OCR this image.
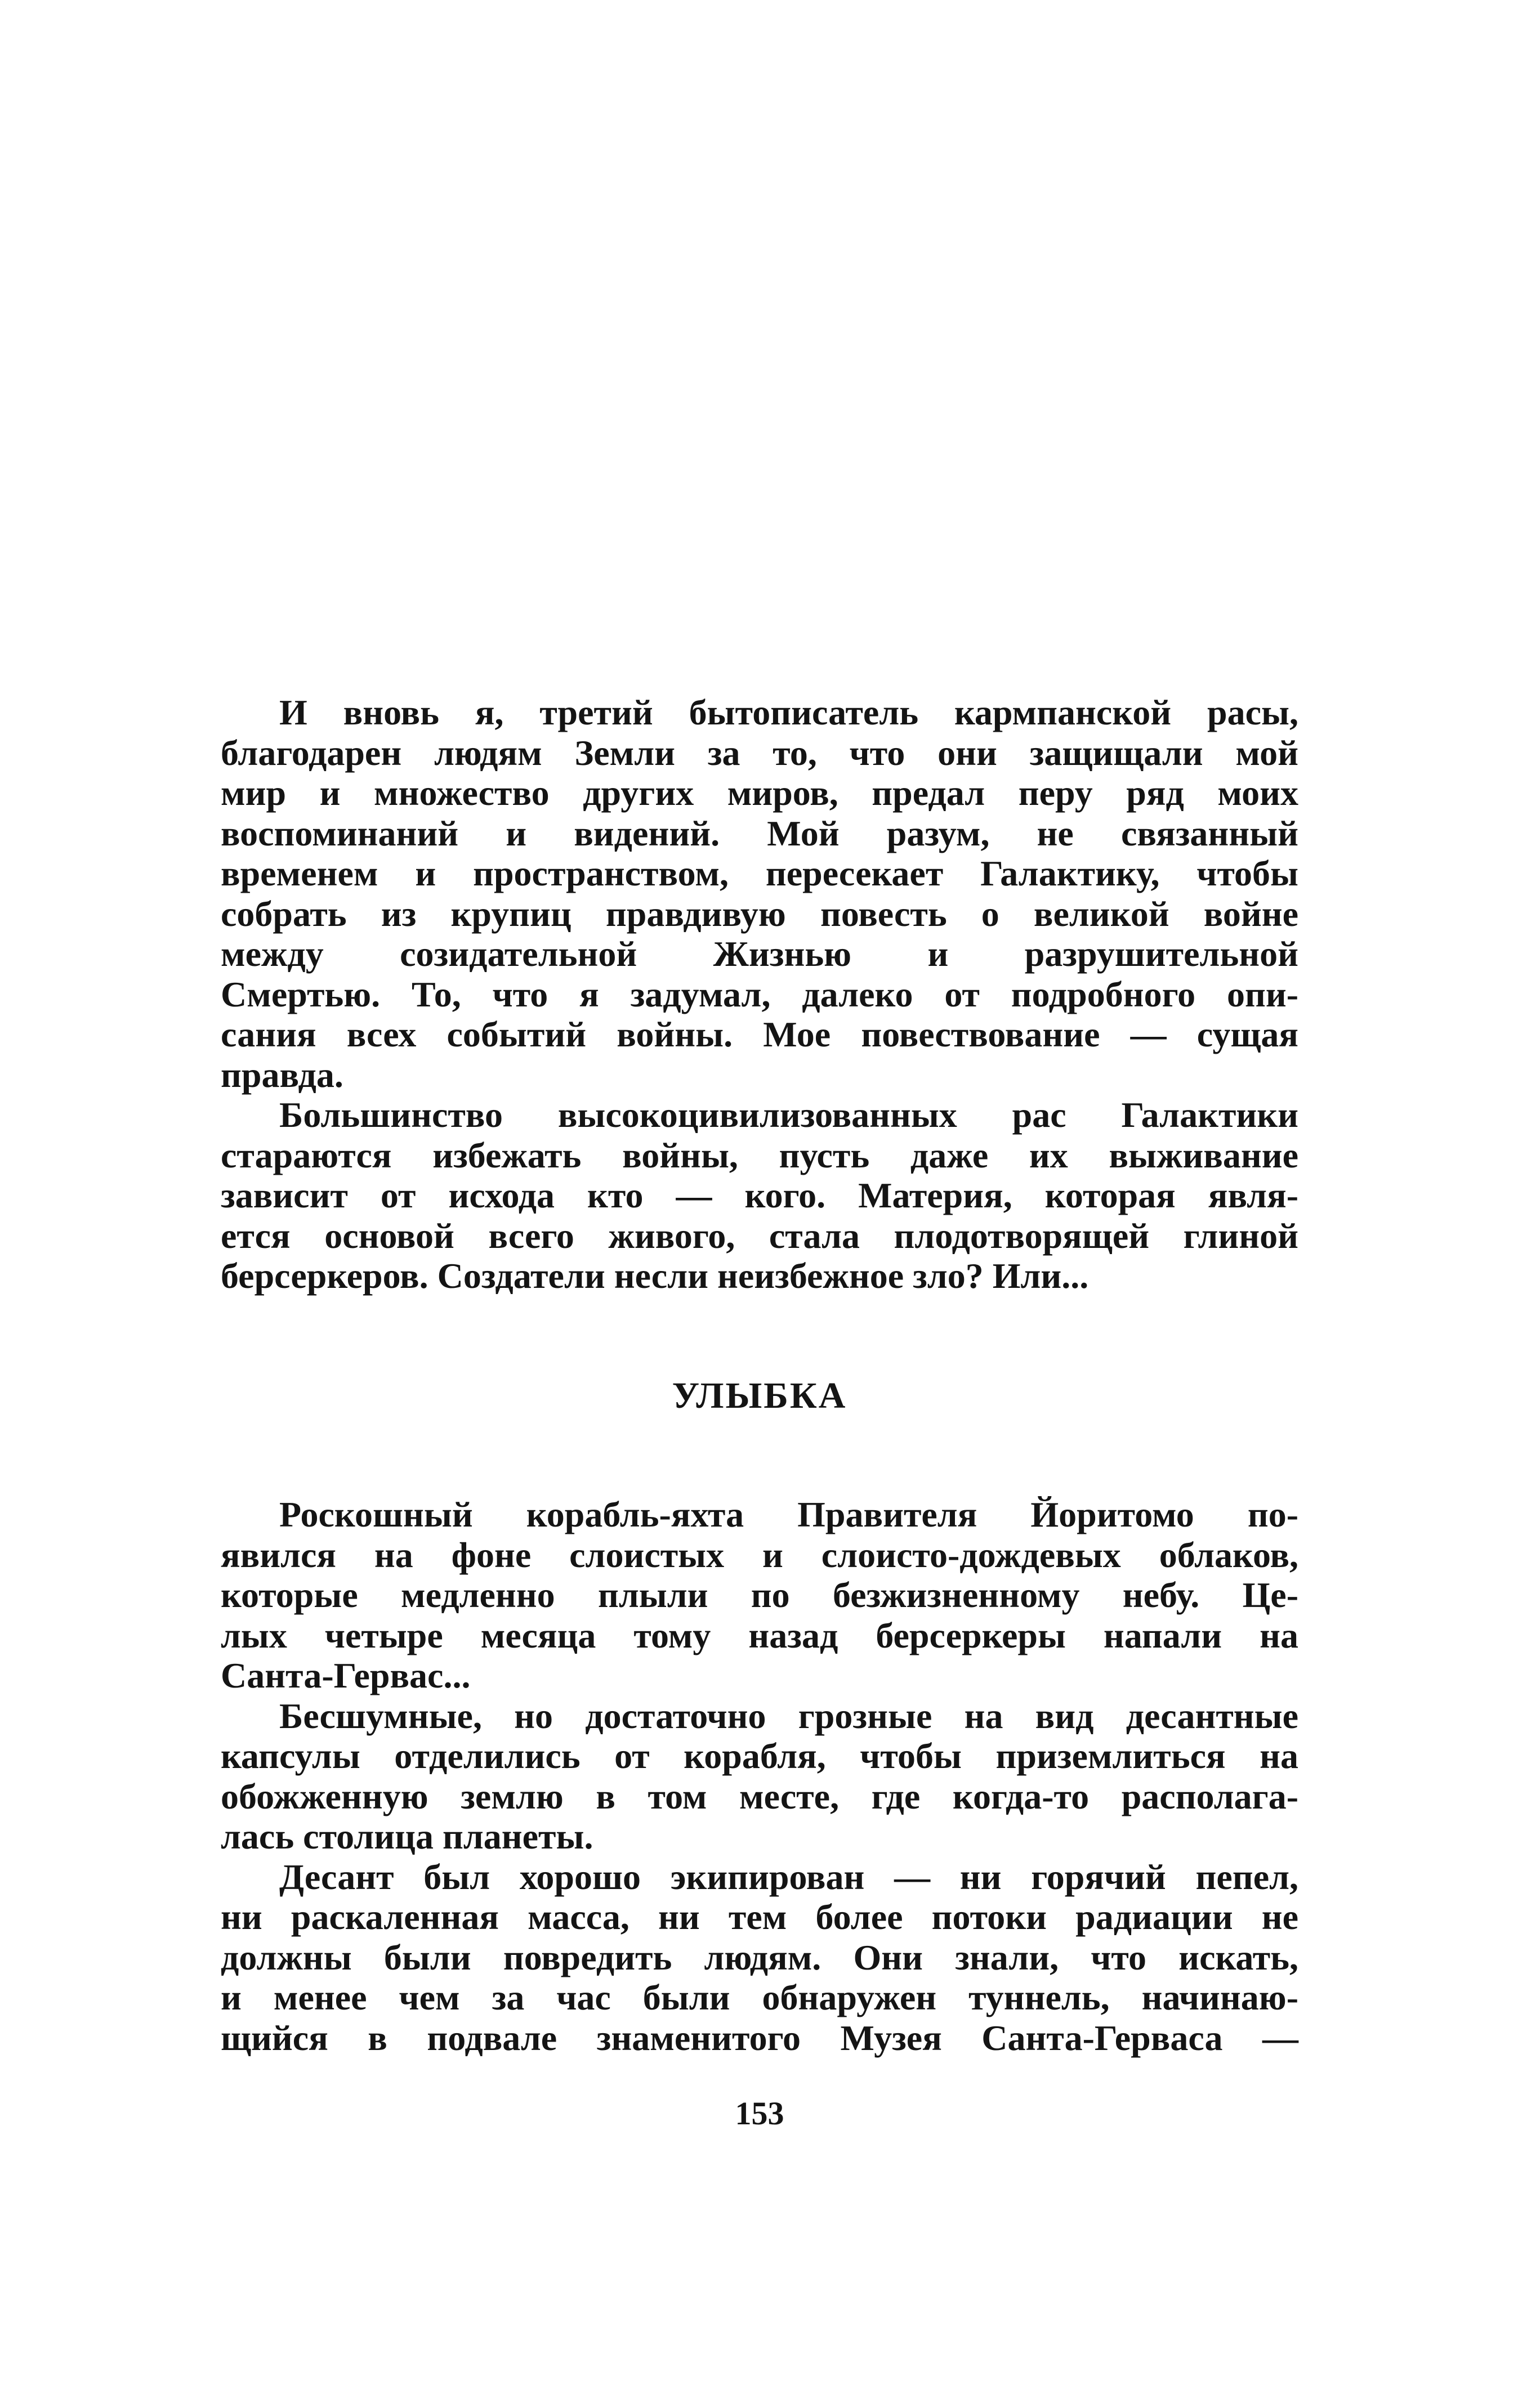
И вновь я, третий бытописатель кармпанской расы,
благодарен людям Земли за то, что они защищали мой
мир и множество других миров, предал перу ряд моих
воспоминаний и видений. Мой разум, не связанный
временем и пространством, пересекает Галактику, чтобы
собрать из крупиц правдивую повесть о великой войне
между созидательной Жизнью и разрушительной
Смертью. То, что я задумал, далеко от подробного опи-
сания всех событий войны. Мое повествование — сущая
правда.
Большинство высокоцивилизованных рас Галактики
стараются избежать войны, пусть даже их выживание
зависит от исхода кто — кого. Материя, которая явля-
ется основой всего живого, стала плодотворящей глиной
берсеркеров. Создатели несли неизбежное зло? Или...
УЛЫБКА
Роскошный корабль-яхта Правителя Йоритомо по-
явился на фоне слоистых и слоисто-дождевых облаков,
которые медленно плыли по безжизненному небу. Це-
лых четыре месяца тому назад берсеркеры напали на
Санта-Гервас...
Бесшумные, но достаточно грозные на вид десантные
капсулы отделились от корабля, чтобы приземлиться на
обожженную землю в том месте, где когда-то располага-
лась столица планеты.
Десант был хорошо экипирован — ни горячий пепел,
ни раскаленная масса, ни тем более потоки радиации не
должны были повредить людям. Они знали, что искать,
и менее чем за час были обнаружен туннель, начинаю-
щийся в подвале знаменитого Музея Санта-Герваса —
153
